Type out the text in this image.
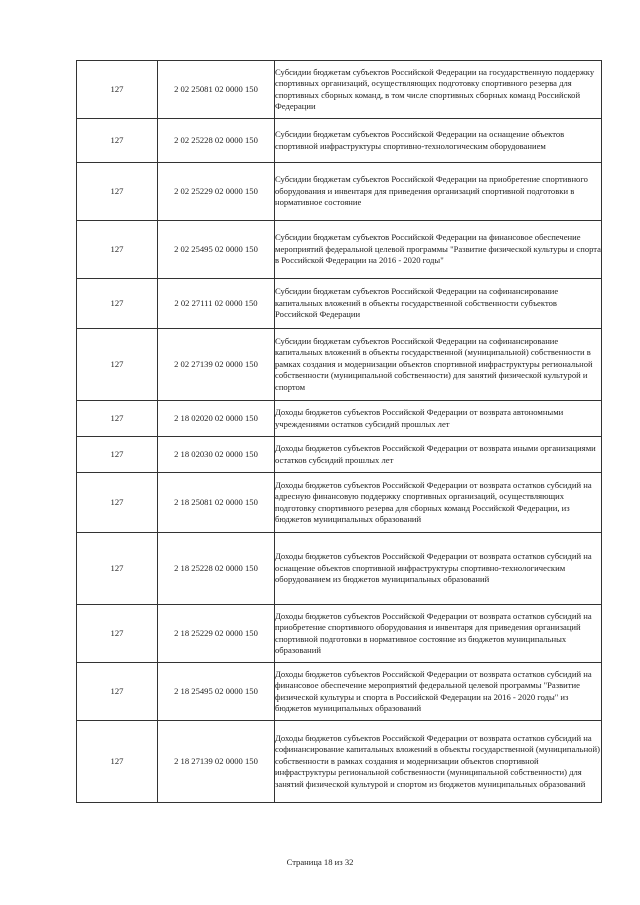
127	2 02 25081 02 0000 150	Субсидии бюджетам субъектов Российской Федерации на государственную поддержку спортивных организаций, осуществляющих подготовку спортивного резерва для спортивных сборных команд, в том числе спортивных сборных команд Российской Федерации
127	2 02 25228 02 0000 150	Субсидии бюджетам субъектов Российской Федерации на оснащение объектов спортивной инфраструктуры спортивно-технологическим оборудованием
127	2 02 25229 02 0000 150	Субсидии бюджетам субъектов Российской Федерации на приобретение спортивного оборудования и инвентаря для приведения организаций спортивной подготовки в нормативное состояние
127	2 02 25495 02 0000 150	Субсидии бюджетам субъектов Российской Федерации на финансовое обеспечение мероприятий федеральной целевой программы "Развитие физической культуры и спорта в Российской Федерации на 2016 - 2020 годы"
127	2 02 27111 02 0000 150	Субсидии бюджетам субъектов Российской Федерации на софинансирование капитальных вложений в объекты государственной собственности субъектов Российской Федерации
127	2 02 27139 02 0000 150	Субсидии бюджетам субъектов Российской Федерации на софинансирование капитальных вложений в объекты государственной (муниципальной) собственности в рамках создания и модернизации объектов спортивной инфраструктуры региональной собственности (муниципальной собственности) для занятий физической культурой и спортом
127	2 18 02020 02 0000 150	Доходы бюджетов субъектов Российской Федерации от возврата автономными учреждениями остатков субсидий прошлых лет
127	2 18 02030 02 0000 150	Доходы бюджетов субъектов Российской Федерации от возврата иными организациями остатков субсидий прошлых лет
127	2 18 25081 02 0000 150	Доходы бюджетов субъектов Российской Федерации от возврата остатков субсидий на адресную финансовую поддержку спортивных организаций, осуществляющих подготовку спортивного резерва для сборных команд Российской Федерации, из бюджетов муниципальных образований
127	2 18 25228 02 0000 150	Доходы бюджетов субъектов Российской Федерации от возврата остатков субсидий на оснащение объектов спортивной инфраструктуры спортивно-технологическим оборудованием из бюджетов муниципальных образований
127	2 18 25229 02 0000 150	Доходы бюджетов субъектов Российской Федерации от возврата остатков субсидий на приобретение спортивного оборудования и инвентаря для приведения организаций спортивной подготовки в нормативное состояние из бюджетов муниципальных образований
127	2 18 25495 02 0000 150	Доходы бюджетов субъектов Российской Федерации от возврата остатков субсидий на финансовое обеспечение мероприятий федеральной целевой программы "Развитие физической культуры и спорта в Российской Федерации на 2016 - 2020 годы" из бюджетов муниципальных образований
127	2 18 27139 02 0000 150	Доходы бюджетов субъектов Российской Федерации от возврата остатков субсидий на софинансирование капитальных вложений в объекты государственной (муниципальной) собственности в рамках создания и модернизации объектов спортивной инфраструктуры региональной собственности (муниципальной собственности) для занятий физической культурой и спортом из бюджетов муниципальных образований
Страница 18 из 32
